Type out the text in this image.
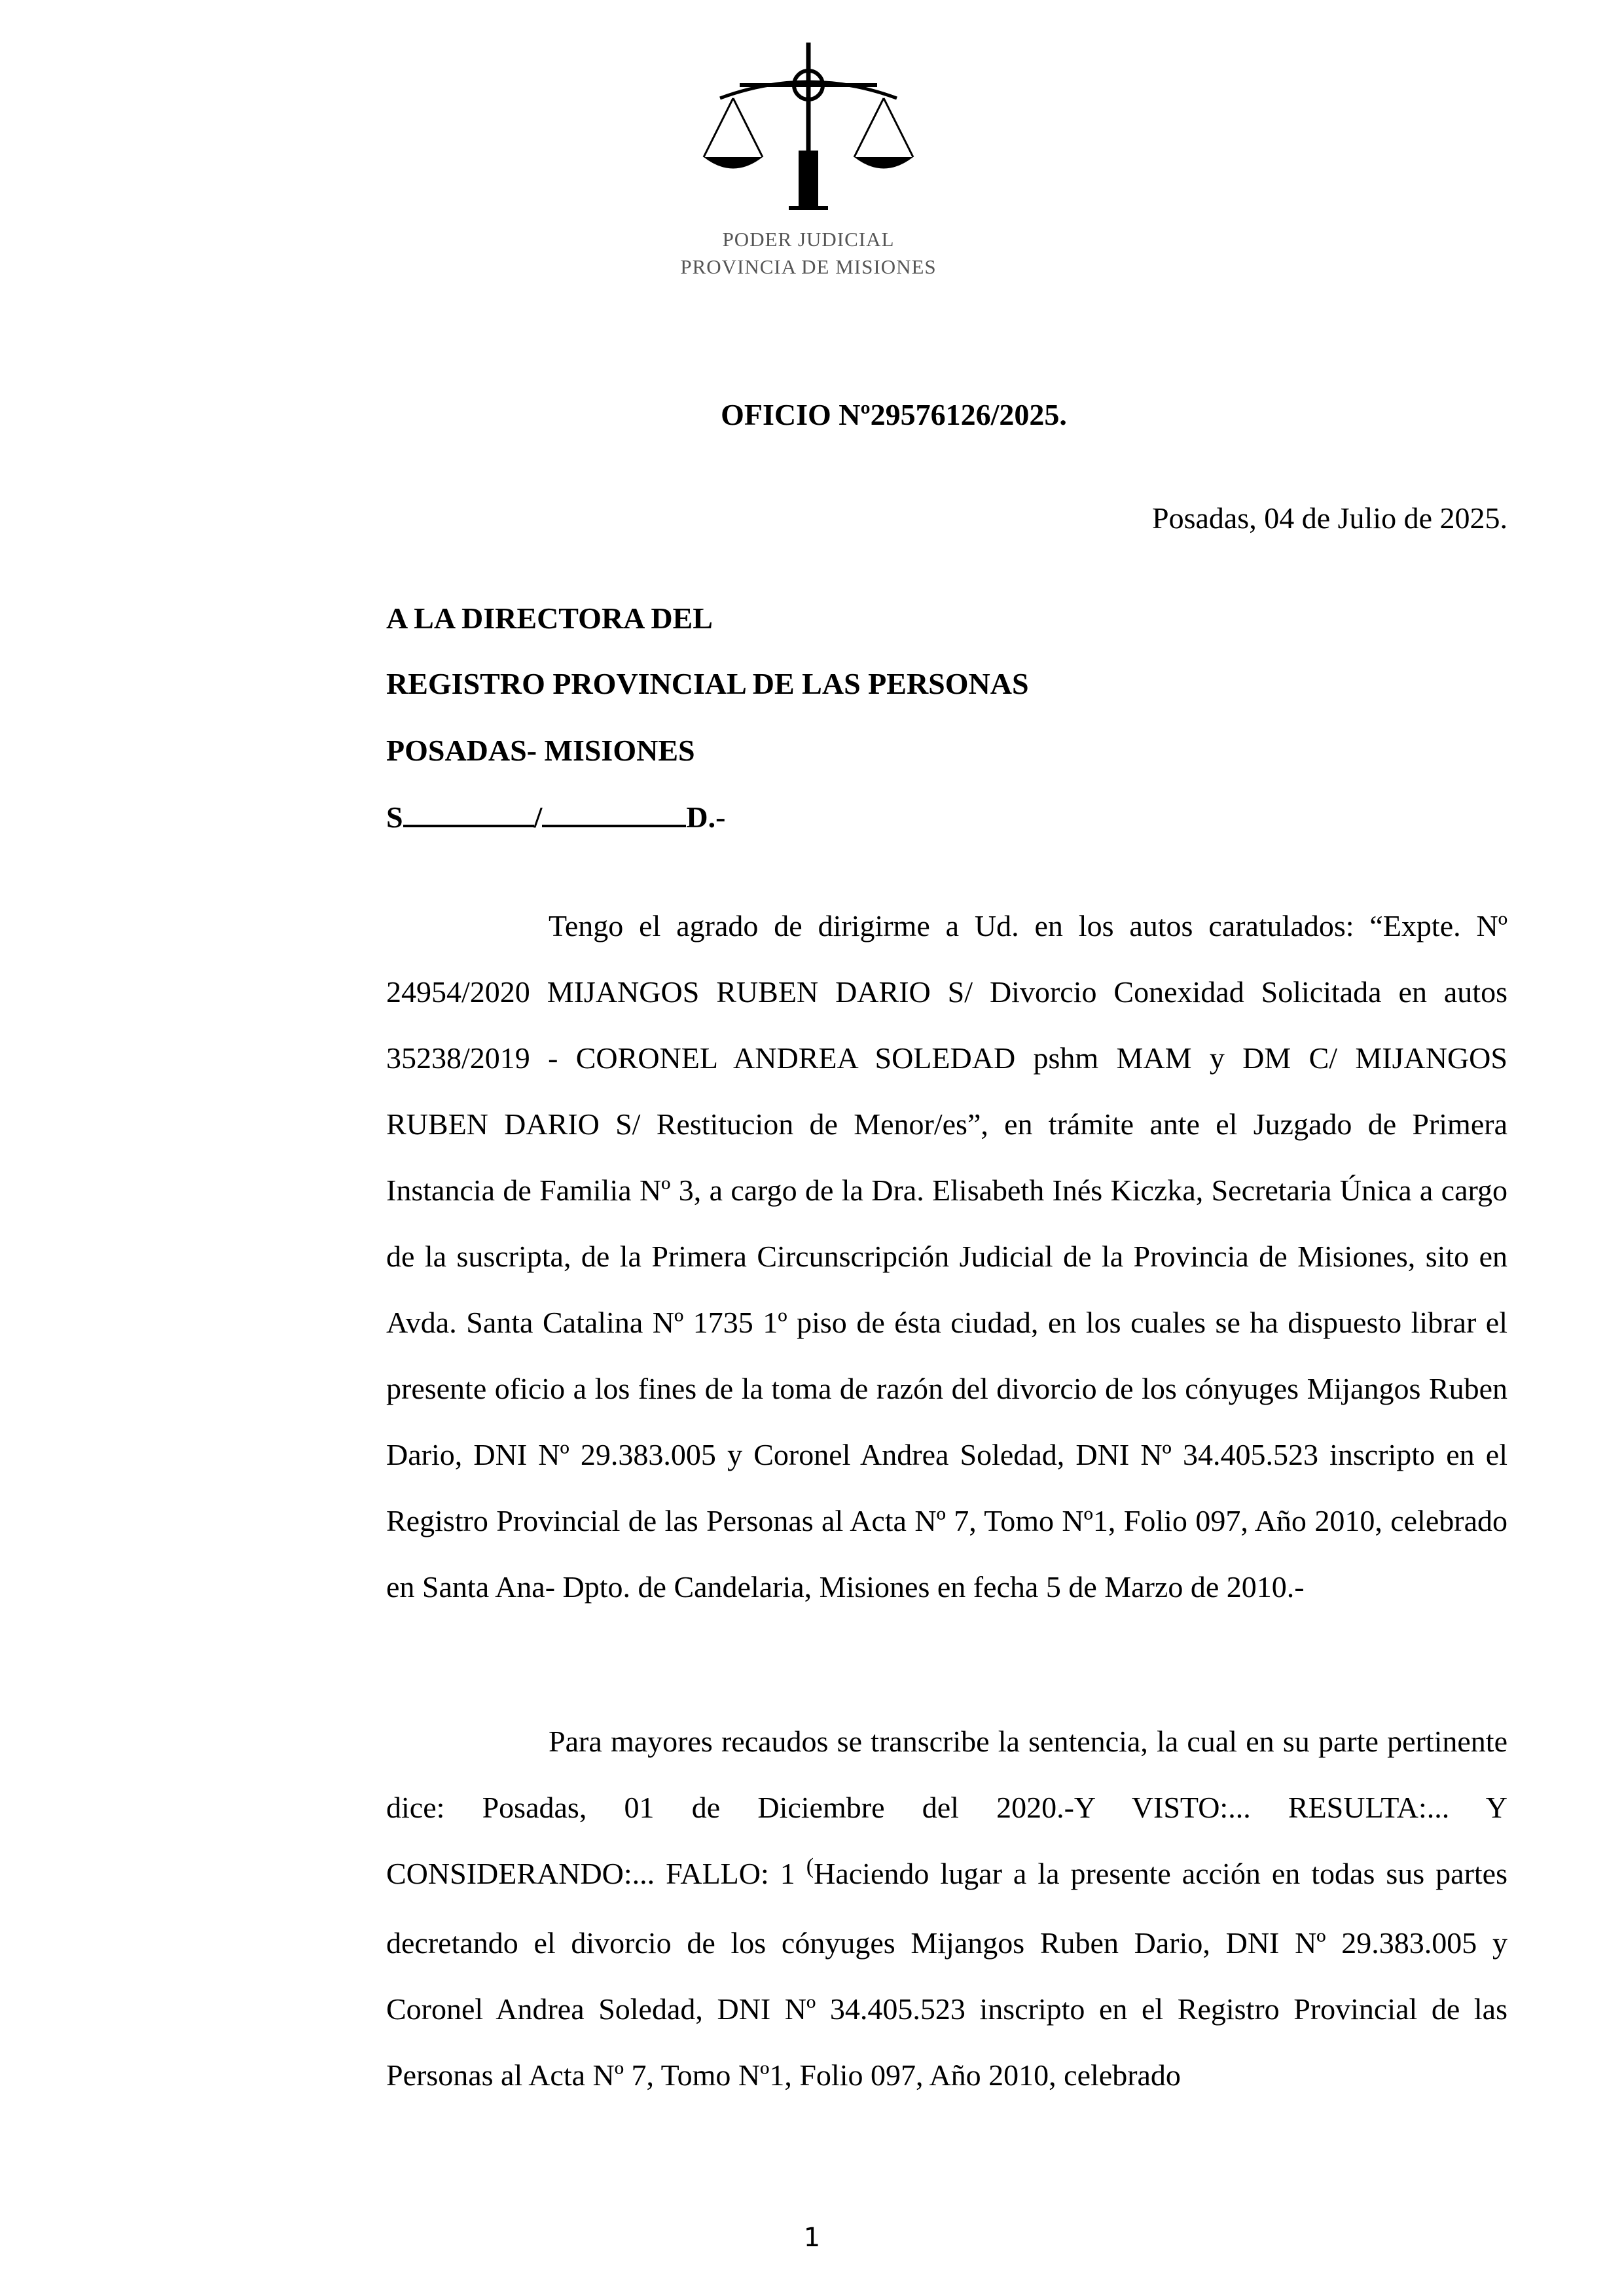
PODER JUDICIAL
PROVINCIA DE MISIONES
OFICIO Nº29576126/2025.
Posadas, 04 de Julio de 2025.
A LA DIRECTORA DEL
REGISTRO PROVINCIAL DE LAS PERSONAS
POSADAS- MISIONES
S	/	D.-
Tengo el agrado de dirigirme a Ud. en los autos caratulados: “Expte. Nº 24954/2020 MIJANGOS RUBEN DARIO S/ Divorcio Conexidad Solicitada en autos 35238/2019 - CORONEL ANDREA SOLEDAD pshm MAM y DM C/ MIJANGOS RUBEN DARIO S/ Restitucion de Menor/es”, en trámite ante el Juzgado de Primera Instancia de Familia Nº 3, a cargo de la Dra. Elisabeth Inés Kiczka, Secretaria Única a cargo de la suscripta, de la Primera Circunscripción Judicial de la Provincia de Misiones, sito en Avda. Santa Catalina Nº 1735 1º piso de ésta ciudad, en los cuales se ha dispuesto librar el presente oficio a los fines de la toma de razón del divorcio de los cónyuges Mijangos Ruben Dario, DNI Nº 29.383.005 y Coronel Andrea Soledad, DNI Nº 34.405.523 inscripto en el Registro Provincial de las Personas al Acta Nº 7, Tomo Nº1, Folio 097, Año 2010, celebrado en Santa Ana- Dpto. de Candelaria, Misiones en fecha 5 de Marzo de 2010.-
Para mayores recaudos se transcribe la sentencia, la cual en su parte pertinente dice: Posadas, 01 de Diciembre del 2020.-Y VISTO:... RESULTA:... Y CONSIDERANDO:... FALLO: 1 (Haciendo lugar a la presente acción en todas sus partes decretando el divorcio de los cónyuges Mijangos Ruben Dario, DNI Nº 29.383.005 y Coronel Andrea Soledad, DNI Nº 34.405.523 inscripto en el Registro Provincial de las Personas al Acta Nº 7, Tomo Nº1, Folio 097, Año 2010, celebrado
1
